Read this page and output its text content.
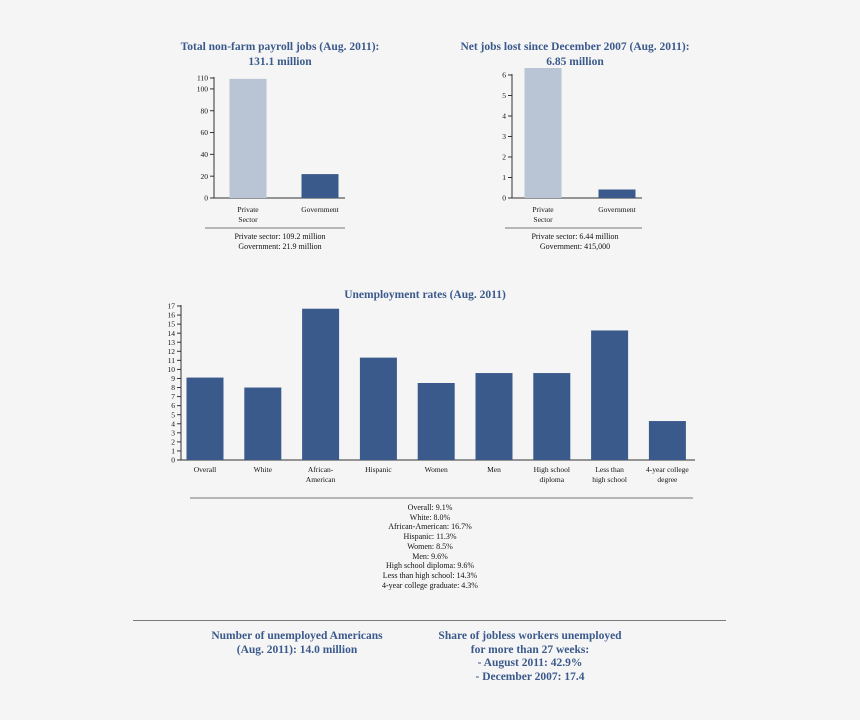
Total non-farm payroll jobs (Aug. 2011):
131.1 million
0
20
40
60
80
100
110
Private
Sector
Government
Private sector: 109.2 million
Government: 21.9 million
Net jobs lost since December 2007 (Aug. 2011):
6.85 million
0
1
2
3
4
5
6
Private
Sector
Government
Private sector: 6.44 million
Government: 415,000
Unemployment rates (Aug. 2011)
0
1
2
3
4
5
6
7
8
9
10
11
12
13
14
15
16
17
Overall	White	African-
American
Hispanic	Women	Men	High school
diploma
Less than
high school
4-year college
degree
Overall: 9.1%
White: 8.0%
African-American: 16.7%
Hispanic: 11.3%
Women: 8.5%
Men: 9.6%
High school diploma: 9.6%
Less than high school: 14.3%
4-year college graduate: 4.3%
Number of unemployed Americans
(Aug. 2011): 14.0 million
Share of jobless workers unemployed
for more than 27 weeks:
- August 2011: 42.9%
- December 2007: 17.4
